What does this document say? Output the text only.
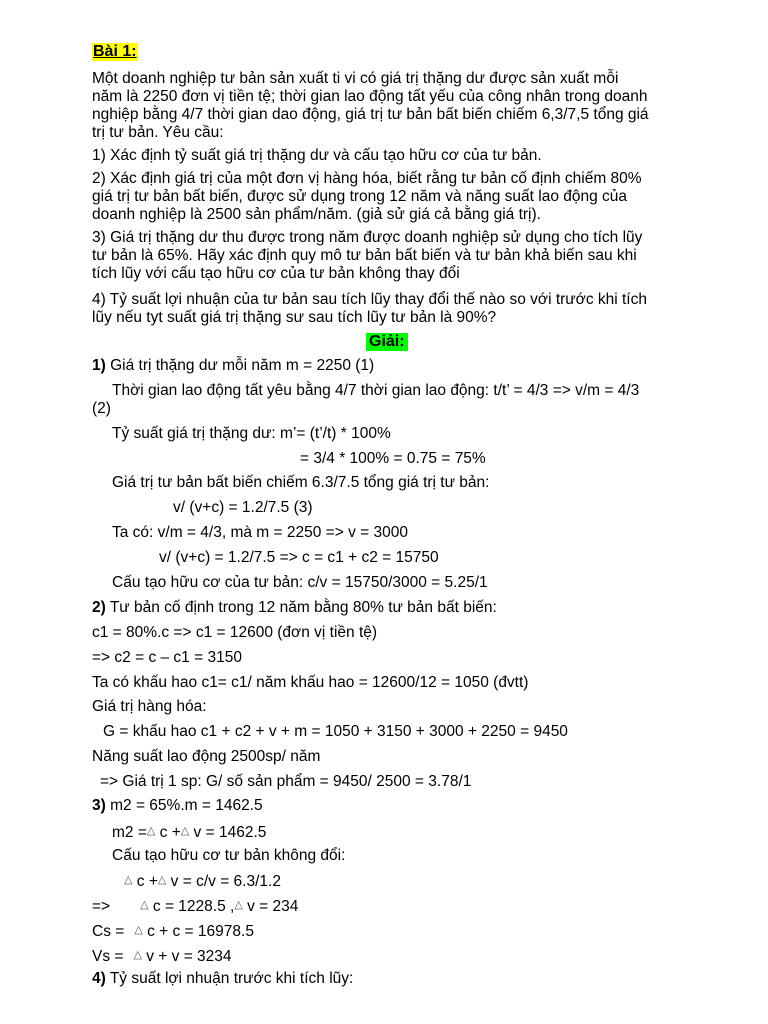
Bài 1:
Một doanh nghiệp tư bản sản xuất ti vi có giá trị thặng dư được sản xuất mỗi
năm là 2250 đơn vị tiền tệ; thời gian lao động tất yếu của công nhân trong doanh
nghiệp bằng 4/7 thời gian dao động, giá trị tư bản bất biến chiếm 6,3/7,5 tổng giá
trị tư bản. Yêu cầu:
1) Xác định tỷ suất giá trị thặng dư và cấu tạo hữu cơ của tư bản.
2) Xác định giá trị của một đơn vị hàng hóa, biết rằng tư bản cố định chiếm 80%
giá trị tư bản bất biến, được sử dụng trong 12 năm và năng suất lao động của
doanh nghiệp là 2500 sản phẩm/năm. (giả sử giá cả bằng giá trị).
3) Giá trị thặng dư thu được trong năm được doanh nghiệp sử dụng cho tích lũy
tư bản là 65%. Hãy xác định quy mô tư bản bất biến và tư bản khả biến sau khi
tích lũy với cấu tạo hữu cơ của tư bản không thay đổi
4) Tỷ suất lợi nhuận của tư bản sau tích lũy thay đổi thế nào so với trước khi tích
lũy nếu tyt suất giá trị thặng sư sau tích lũy tư bản là 90%?
Giải:
1) Giá trị thặng dư mỗi năm m = 2250 (1)
Thời gian lao động tất yêu bằng 4/7 thời gian lao động: t/t’ = 4/3 => v/m = 4/3
(2)
Tỷ suất giá trị thặng dư: m’= (t’/t) * 100%
= 3/4 * 100% = 0.75 = 75%
Giá trị tư bản bất biến chiếm 6.3/7.5 tổng giá trị tư bản:
v/ (v+c) = 1.2/7.5 (3)
Ta có: v/m = 4/3, mà m = 2250 => v = 3000
v/ (v+c) = 1.2/7.5 => c = c1 + c2 = 15750
Cấu tạo hữu cơ của tư bản: c/v = 15750/3000 = 5.25/1
2) Tư bản cố định trong 12 năm bằng 80% tư bản bất biến:
c1 = 80%.c => c1 = 12600 (đơn vị tiền tệ)
=> c2 = c – c1 = 3150
Ta có khấu hao c1= c1/ năm khấu hao = 12600/12 = 1050 (đvtt)
Giá trị hàng hóa:
G = khấu hao c1 + c2 + v + m = 1050 + 3150 + 3000 + 2250 = 9450
Năng suất lao động 2500sp/ năm
=> Giá trị 1 sp: G/ số sản phẩm = 9450/ 2500 = 3.78/1
3) m2 = 65%.m = 1462.5
m2 =△ c +△ v = 1462.5
Cấu tạo hữu cơ tư bản không đổi:
△ c +△ v = c/v = 6.3/1.2
=>	△ c = 1228.5 ,△ v = 234
Cs = △ c + c = 16978.5
Vs = △ v + v = 3234
4) Tỷ suất lợi nhuận trước khi tích lũy:
